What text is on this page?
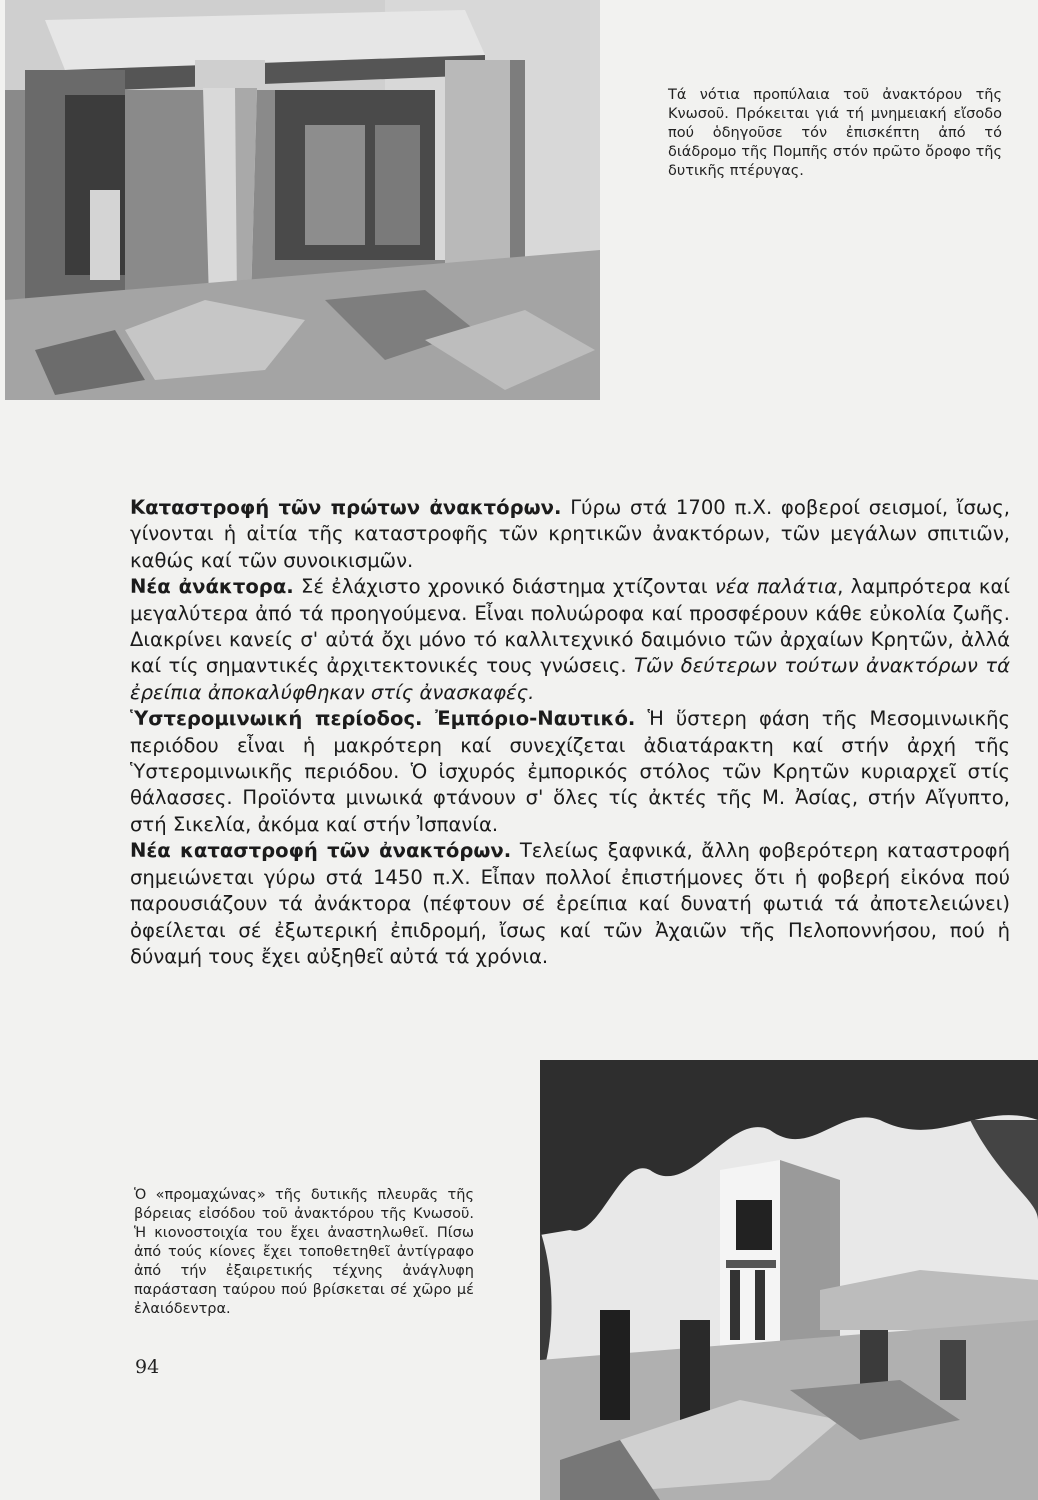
Τά νότια προπύλαια τοῦ ἀνακτόρου τῆς Κνωσοῦ. Πρόκειται γιά τή μνημειακή εἴσοδο πού ὁδηγοῦσε τόν ἐπισκέπτη ἀπό τό διάδρομο τῆς Πομπῆς στόν πρῶτο ὄροφο τῆς δυτικῆς πτέρυγας.

Καταστροφή τῶν πρώτων ἀνακτόρων. Γύρω στά 1700 π.Χ. φοβεροί σεισμοί, ἴσως, γίνονται ἡ αἰτία τῆς καταστροφῆς τῶν κρητικῶν ἀνακτόρων, τῶν μεγάλων σπιτιῶν, καθώς καί τῶν συνοικισμῶν.

Νέα ἀνάκτορα. Σέ ἐλάχιστο χρονικό διάστημα χτίζονται νέα παλάτια, λαμπρότερα καί μεγαλύτερα ἀπό τά προηγούμενα. Εἶναι πολυώροφα καί προσφέρουν κάθε εὐκολία ζωῆς. Διακρίνει κανείς σ' αὐτά ὄχι μόνο τό καλλιτεχνικό δαιμόνιο τῶν ἀρχαίων Κρητῶν, ἀλλά καί τίς σημαντικές ἀρχιτεκτονικές τους γνώσεις. Τῶν δεύτερων τούτων ἀνακτόρων τά ἐρείπια ἀποκαλύφθηκαν στίς ἀνασκαφές.

Ὑστερομινωική περίοδος. Ἐμπόριο-Ναυτικό. Ἡ ὕστερη φάση τῆς Μεσομινωικῆς περιόδου εἶναι ἡ μακρότερη καί συνεχίζεται ἀδιατάρακτη καί στήν ἀρχή τῆς Ὑστερομινωικῆς περιόδου. Ὁ ἰσχυρός ἐμπορικός στόλος τῶν Κρητῶν κυριαρχεῖ στίς θάλασσες. Προϊόντα μινωικά φτάνουν σ' ὅλες τίς ἀκτές τῆς Μ. Ἀσίας, στήν Αἴγυπτο, στή Σικελία, ἀκόμα καί στήν Ἰσπανία.

Νέα καταστροφή τῶν ἀνακτόρων. Τελείως ξαφνικά, ἄλλη φοβερότερη καταστροφή σημειώνεται γύρω στά 1450 π.Χ. Εἶπαν πολλοί ἐπιστήμονες ὅτι ἡ φοβερή εἰκόνα πού παρουσιάζουν τά ἀνάκτορα (πέφτουν σέ ἐρείπια καί δυνατή φωτιά τά ἀποτελειώνει) ὀφείλεται σέ ἐξωτερική ἐπιδρομή, ἴσως καί τῶν Ἀχαιῶν τῆς Πελοποννήσου, πού ἡ δύναμή τους ἔχει αὐξηθεῖ αὐτά τά χρόνια.

Ὁ «προμαχώνας» τῆς δυτικῆς πλευρᾶς τῆς βόρειας εἰσόδου τοῦ ἀνακτόρου τῆς Κνωσοῦ. Ἡ κιονοστοιχία του ἔχει ἀναστηλωθεῖ. Πίσω ἀπό τούς κίονες ἔχει τοποθετηθεῖ ἀντίγραφο ἀπό τήν ἐξαιρετικής τέχνης ἀνάγλυφη παράσταση ταύρου πού βρίσκεται σέ χῶρο μέ ἐλαιόδεντρα.
94
